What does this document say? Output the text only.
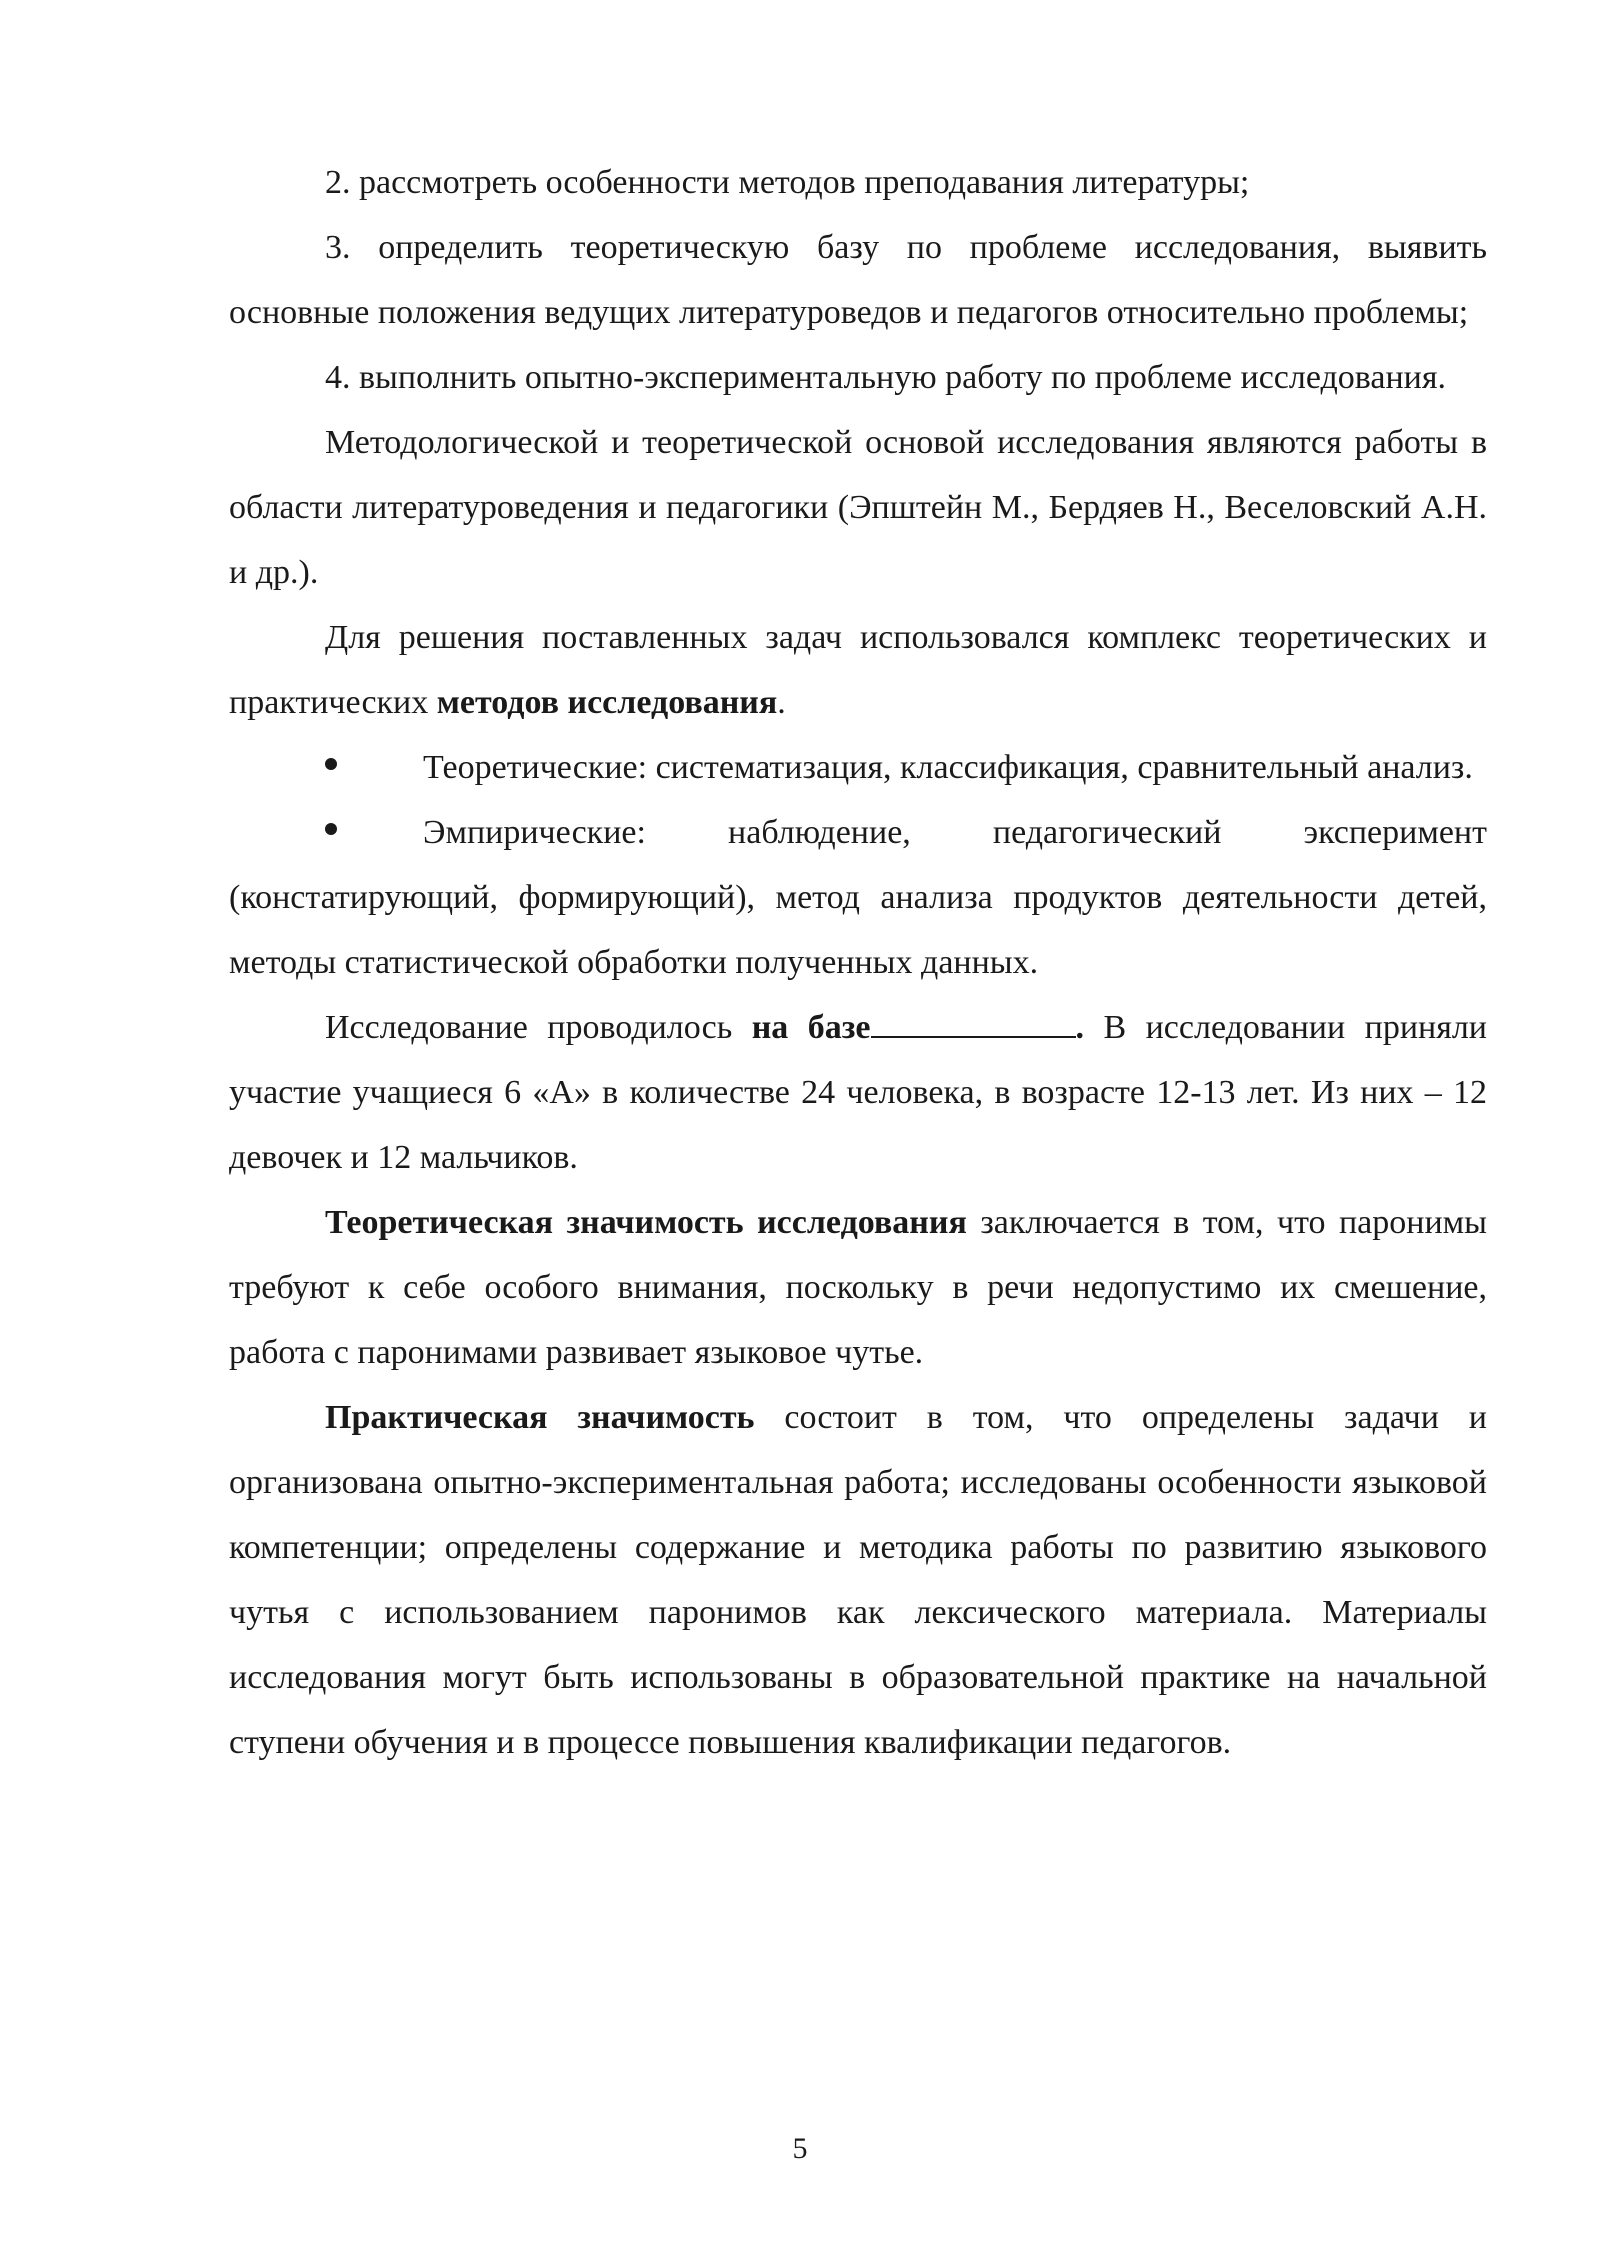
2. рассмотреть особенности методов преподавания литературы;

3. определить теоретическую базу по проблеме исследования, выявить основные положения ведущих литературоведов и педагогов относительно проблемы;

4. выполнить опытно-экспериментальную работу по проблеме исследования.

Методологической и теоретической основой исследования являются работы в области литературоведения и педагогики (Эпштейн М., Бердяев Н., Веселовский А.Н. и др.).

Для решения поставленных задач использовался комплекс теоретических и практических методов исследования.

Теоретические: систематизация, классификация, сравнительный анализ.

Эмпирические: наблюдение, педагогический эксперимент (констатирующий, формирующий), метод анализа продуктов деятельности детей, методы статистической обработки полученных данных.

Исследование проводилось на базе	. В исследовании приняли участие учащиеся 6 «А» в количестве 24 человека, в возрасте 12-13 лет. Из них – 12 девочек и 12 мальчиков.

Теоретическая значимость исследования заключается в том, что паронимы требуют к себе особого внимания, поскольку в речи недопустимо их смешение, работа с паронимами развивает языковое чутье.

Практическая значимость состоит в том, что определены задачи и организована опытно-экспериментальная работа; исследованы особенности языковой компетенции; определены содержание и методика работы по развитию языкового чутья с использованием паронимов как лексического материала. Материалы исследования могут быть использованы в образовательной практике на начальной ступени обучения и в процессе повышения квалификации педагогов.

5
